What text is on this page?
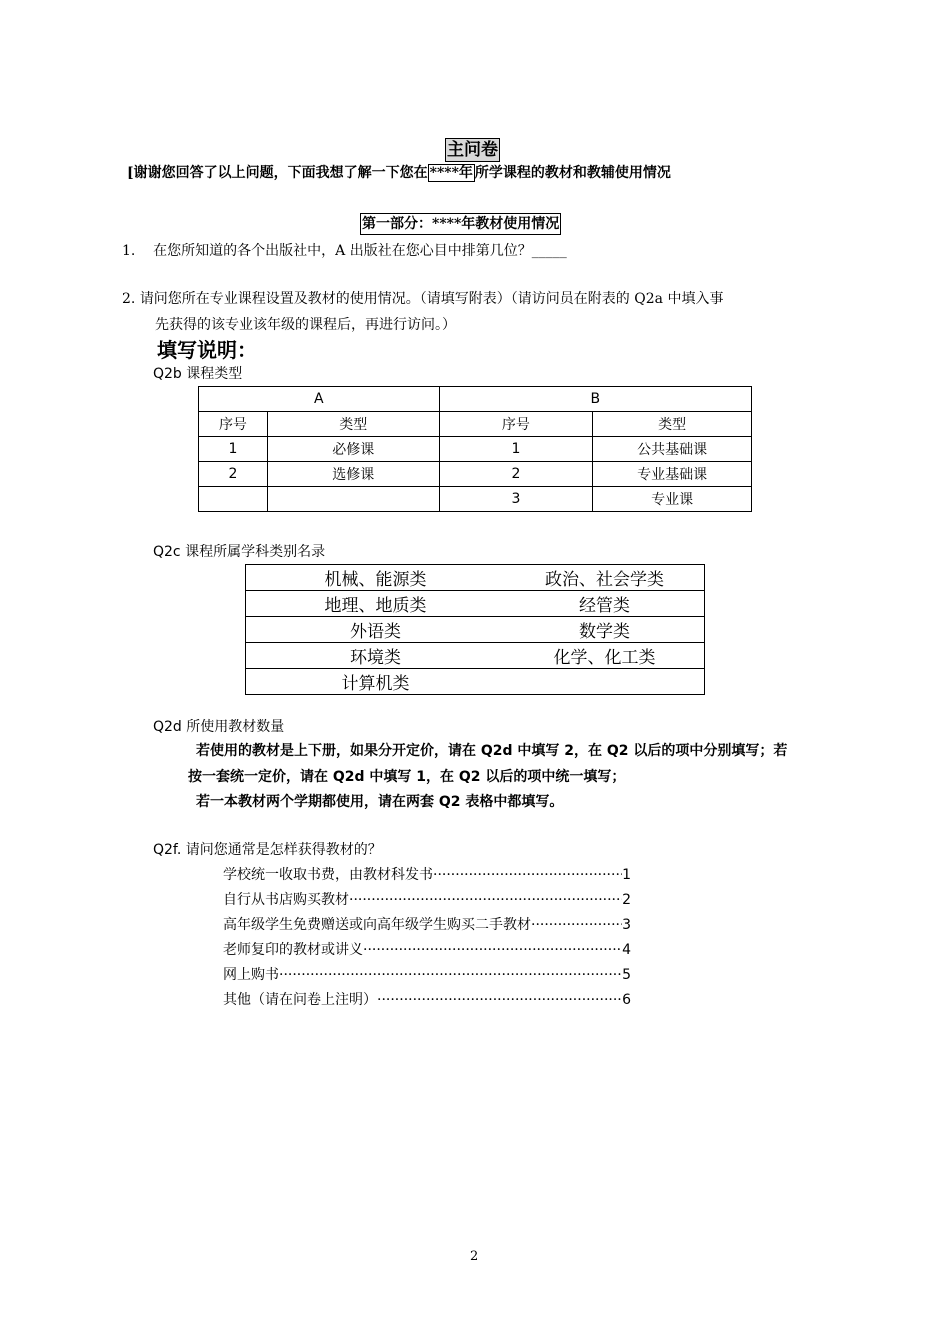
主问卷
[谢谢您回答了以上问题，下面我想了解一下您在 ****年 所学课程的教材和教辅使用情况
第一部分：****年教材使用情况
1. 在您所知道的各个出版社中，A 出版社在您心目中排第几位？_____
2. 请问您所在专业课程设置及教材的使用情况。（请填写附表）（请访问员在附表的 Q2a 中填入事
先获得的该专业该年级的课程后，再进行访问。）
填写说明：
Q2b 课程类型
A		B	
序号	类型	序号	类型
1	必修课	1	公共基础课
2	选修课	2	专业基础课
		3	专业课
Q2c 课程所属学科类别名录
机械、能源类	政治、社会学类
地理、地质类	经管类
外语类	数学类
环境类	化学、化工类
计算机类	
Q2d 所使用教材数量
若使用的教材是上下册，如果分开定价，请在 Q2d 中填写 2，在 Q2 以后的项中分别填写；若
按一套统一定价，请在 Q2d 中填写 1，在 Q2 以后的项中统一填写；
若一本教材两个学期都使用，请在两套 Q2 表格中都填写。
Q2f. 请问您通常是怎样获得教材的？
学校统一收取书费，由教材科发书 ·····	1
自行从书店购买教材 ·····	2
高年级学生免费赠送或向高年级学生购买二手教材 ·····	3
老师复印的教材或讲义 ·····	4
网上购书 ·····	5
其他（请在问卷上注明） ·····	6
2
